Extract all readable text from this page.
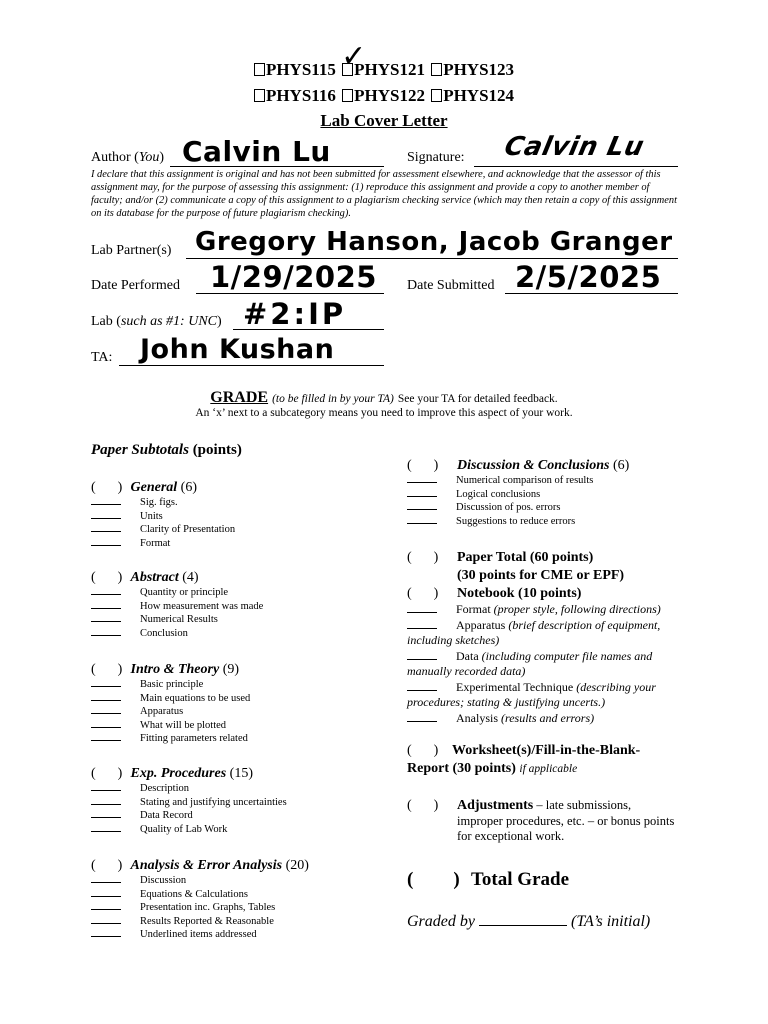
PHYS115 ✓
PHYS121 PHYS123
PHYS116 PHYS122 PHYS124
Lab Cover Letter
Author (You) Calvin Lu	Signature: Calvin Lu
I declare that this assignment is original and has not been submitted for assessment elsewhere, and acknowledge that the assessor of this assignment may, for the purpose of assessing this assignment: (1) reproduce this assignment and provide a copy to another member of faculty; and/or (2) communicate a copy of this assignment to a plagiarism checking service (which may then retain a copy of this assignment on its database for the purpose of future plagiarism checking).
Lab Partner(s) Gregory Hanson, Jacob Granger
Date Performed 1/29/2025 Date Submitted 2/5/2025
Lab (such as #1: UNC) #2:IP
TA: John Kushan
GRADE (to be filled in by your TA) See your TA for detailed feedback.
An ‘x’ next to a subcategory means you need to improve this aspect of your work.
Paper Subtotals (points)
( ) General (6)
Sig. figs.
Units
Clarity of Presentation
Format
( ) Abstract (4)
Quantity or principle
How measurement was made
Numerical Results
Conclusion
( ) Intro & Theory (9)
Basic principle
Main equations to be used
Apparatus
What will be plotted
Fitting parameters related
( ) Exp. Procedures (15)
Description
Stating and justifying uncertainties
Data Record
Quality of Lab Work
( ) Analysis & Error Analysis (20)
Discussion
Equations & Calculations
Presentation inc. Graphs, Tables
Results Reported & Reasonable
Underlined items addressed
( ) Discussion & Conclusions (6)
Numerical comparison of results
Logical conclusions
Discussion of pos. errors
Suggestions to reduce errors
( ) Paper Total (60 points)
(30 points for CME or EPF)
( ) Notebook (10 points)
Format (proper style, following directions)
Apparatus (brief description of equipment,
including sketches)
Data (including computer file names and
manually recorded data)
Experimental Technique (describing your
procedures; stating & justifying uncerts.)
Analysis (results and errors)
( ) Worksheet(s)/Fill-in-the-Blank-
Report (30 points) if applicable
( ) Adjustments – late submissions,
improper procedures, etc. – or bonus points
for exceptional work.
( ) Total Grade
Graded by	(TA’s initial)
